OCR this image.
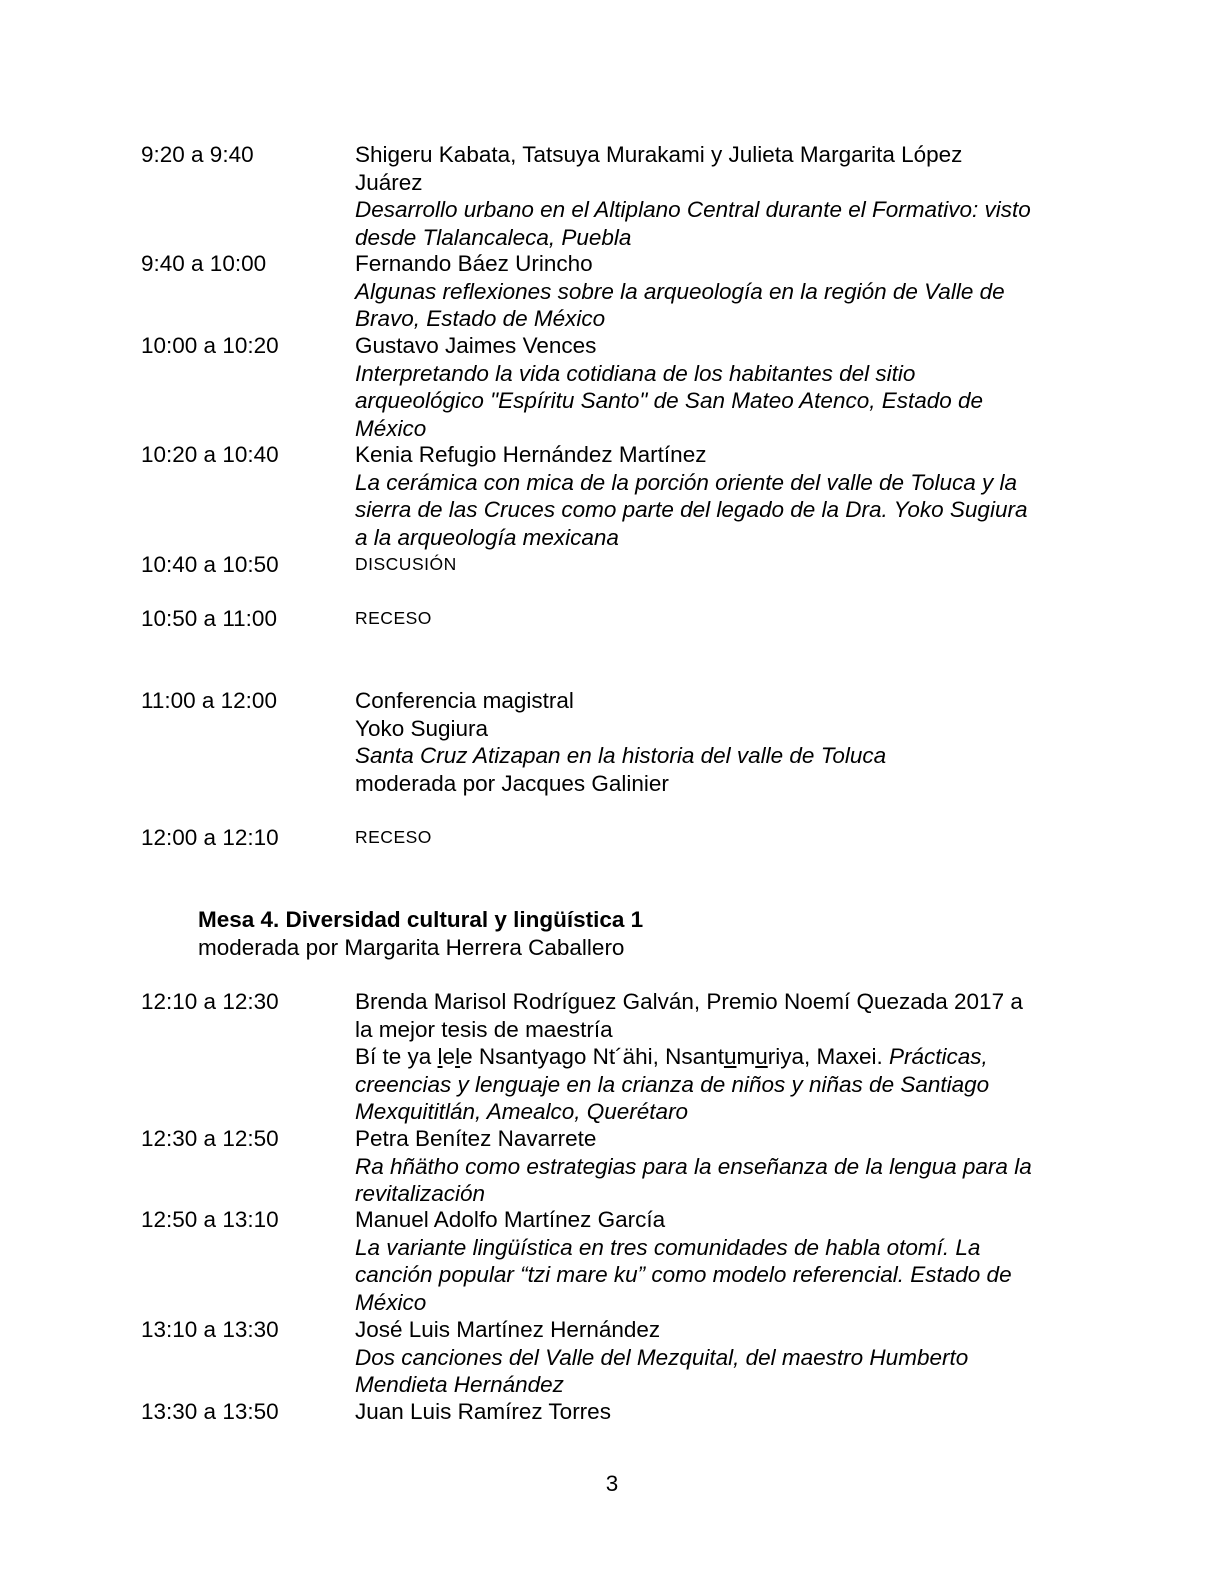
9:20 a 9:40	Shigeru Kabata, Tatsuya Murakami y Julieta Margarita López
Juárez
Desarrollo urbano en el Altiplano Central durante el Formativo: visto
desde Tlalancaleca, Puebla
9:40 a 10:00	Fernando Báez Urincho
Algunas reflexiones sobre la arqueología en la región de Valle de
Bravo, Estado de México
10:00 a 10:20	Gustavo Jaimes Vences
Interpretando la vida cotidiana de los habitantes del sitio
arqueológico "Espíritu Santo" de San Mateo Atenco, Estado de
México
10:20 a 10:40	Kenia Refugio Hernández Martínez
La cerámica con mica de la porción oriente del valle de Toluca y la
sierra de las Cruces como parte del legado de la Dra. Yoko Sugiura
a la arqueología mexicana
10:40 a 10:50	DISCUSIÓN
10:50 a 11:00	RECESO
11:00 a 12:00	Conferencia magistral
Yoko Sugiura
Santa Cruz Atizapan en la historia del valle de Toluca
moderada por Jacques Galinier
12:00 a 12:10	RECESO
Mesa 4. Diversidad cultural y lingüística 1
moderada por Margarita Herrera Caballero
12:10 a 12:30	Brenda Marisol Rodríguez Galván, Premio Noemí Quezada 2017 a
la mejor tesis de maestría
Bí te ya lele Nsantyago Nt´ähi, Nsantumuriya, Maxei. Prácticas,
creencias y lenguaje en la crianza de niños y niñas de Santiago
Mexquititlán, Amealco, Querétaro
12:30 a 12:50	Petra Benítez Navarrete
Ra hñätho como estrategias para la enseñanza de la lengua para la
revitalización
12:50 a 13:10	Manuel Adolfo Martínez García
La variante lingüística en tres comunidades de habla otomí. La
canción popular “tzi mare ku” como modelo referencial. Estado de
México
13:10 a 13:30	José Luis Martínez Hernández
Dos canciones del Valle del Mezquital, del maestro Humberto
Mendieta Hernández
13:30 a 13:50	Juan Luis Ramírez Torres
3
